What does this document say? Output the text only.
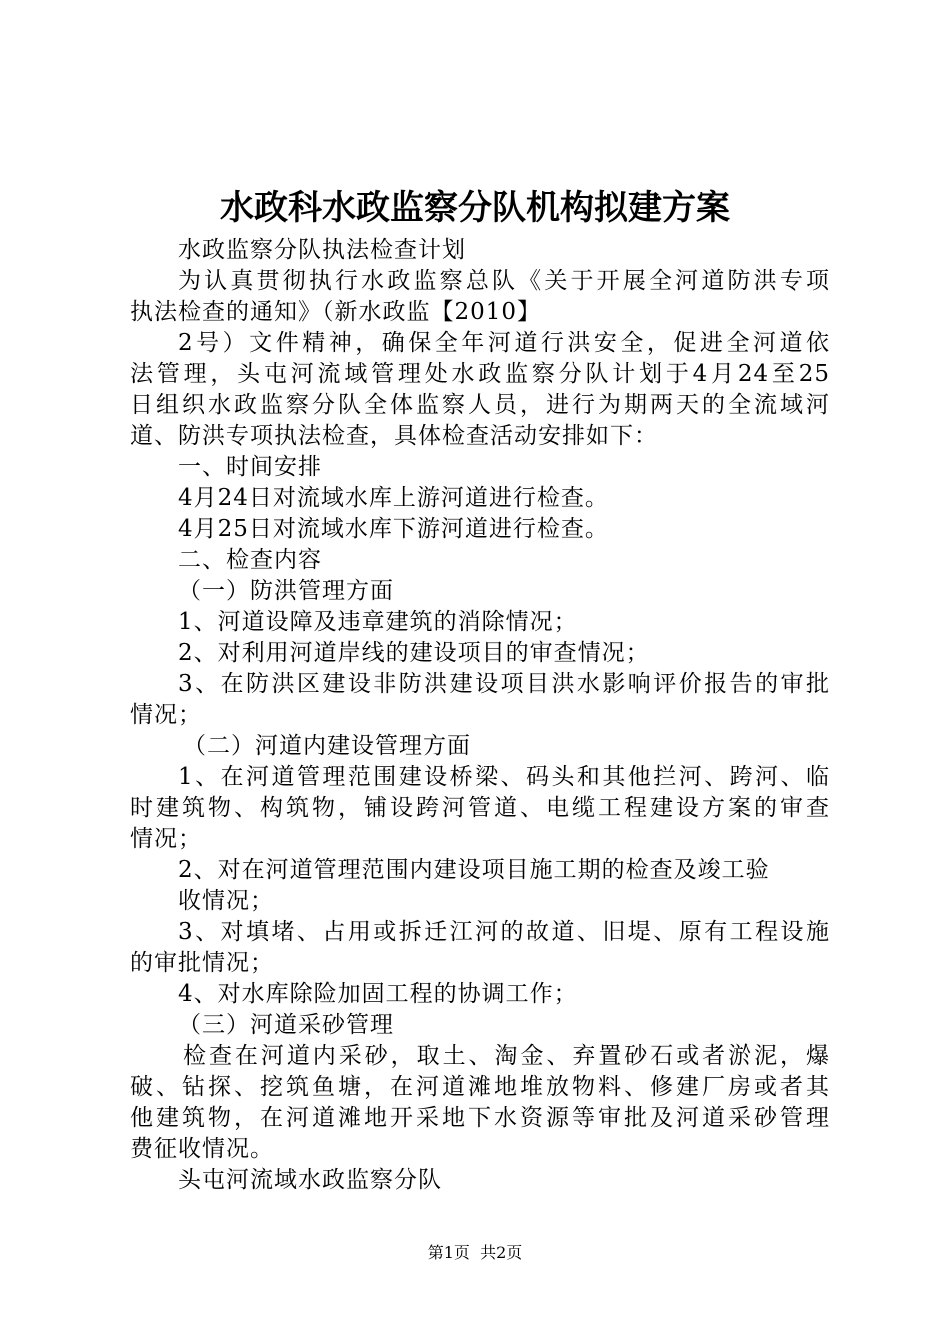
水政科水政监察分队机构拟建方案
水政监察分队执法检查计划
为认真贯彻执行水政监察总队《关于开展全河道防洪专项
执法检查的通知》（新水政监【2010】
2号）文件精神，确保全年河道行洪安全，促进全河道依
法管理，头屯河流域管理处水政监察分队计划于4月24至25
日组织水政监察分队全体监察人员，进行为期两天的全流域河
道、防洪专项执法检查，具体检查活动安排如下：
一、时间安排
4月24日对流域水库上游河道进行检查。
4月25日对流域水库下游河道进行检查。
二、检查内容
（一）防洪管理方面
1、河道设障及违章建筑的消除情况；
2、对利用河道岸线的建设项目的审查情况；
3、在防洪区建设非防洪建设项目洪水影响评价报告的审批
情况；
（二）河道内建设管理方面
1、在河道管理范围建设桥梁、码头和其他拦河、跨河、临
时建筑物、构筑物，铺设跨河管道、电缆工程建设方案的审查
情况；
2、对在河道管理范围内建设项目施工期的检查及竣工验
收情况；
3、对填堵、占用或拆迁江河的故道、旧堤、原有工程设施
的审批情况；
4、对水库除险加固工程的协调工作；
（三）河道采砂管理
检查在河道内采砂，取土、淘金、弃置砂石或者淤泥，爆
破、钻探、挖筑鱼塘，在河道滩地堆放物料、修建厂房或者其
他建筑物，在河道滩地开采地下水资源等审批及河道采砂管理
费征收情况。
头屯河流域水政监察分队
第1页  共2页
